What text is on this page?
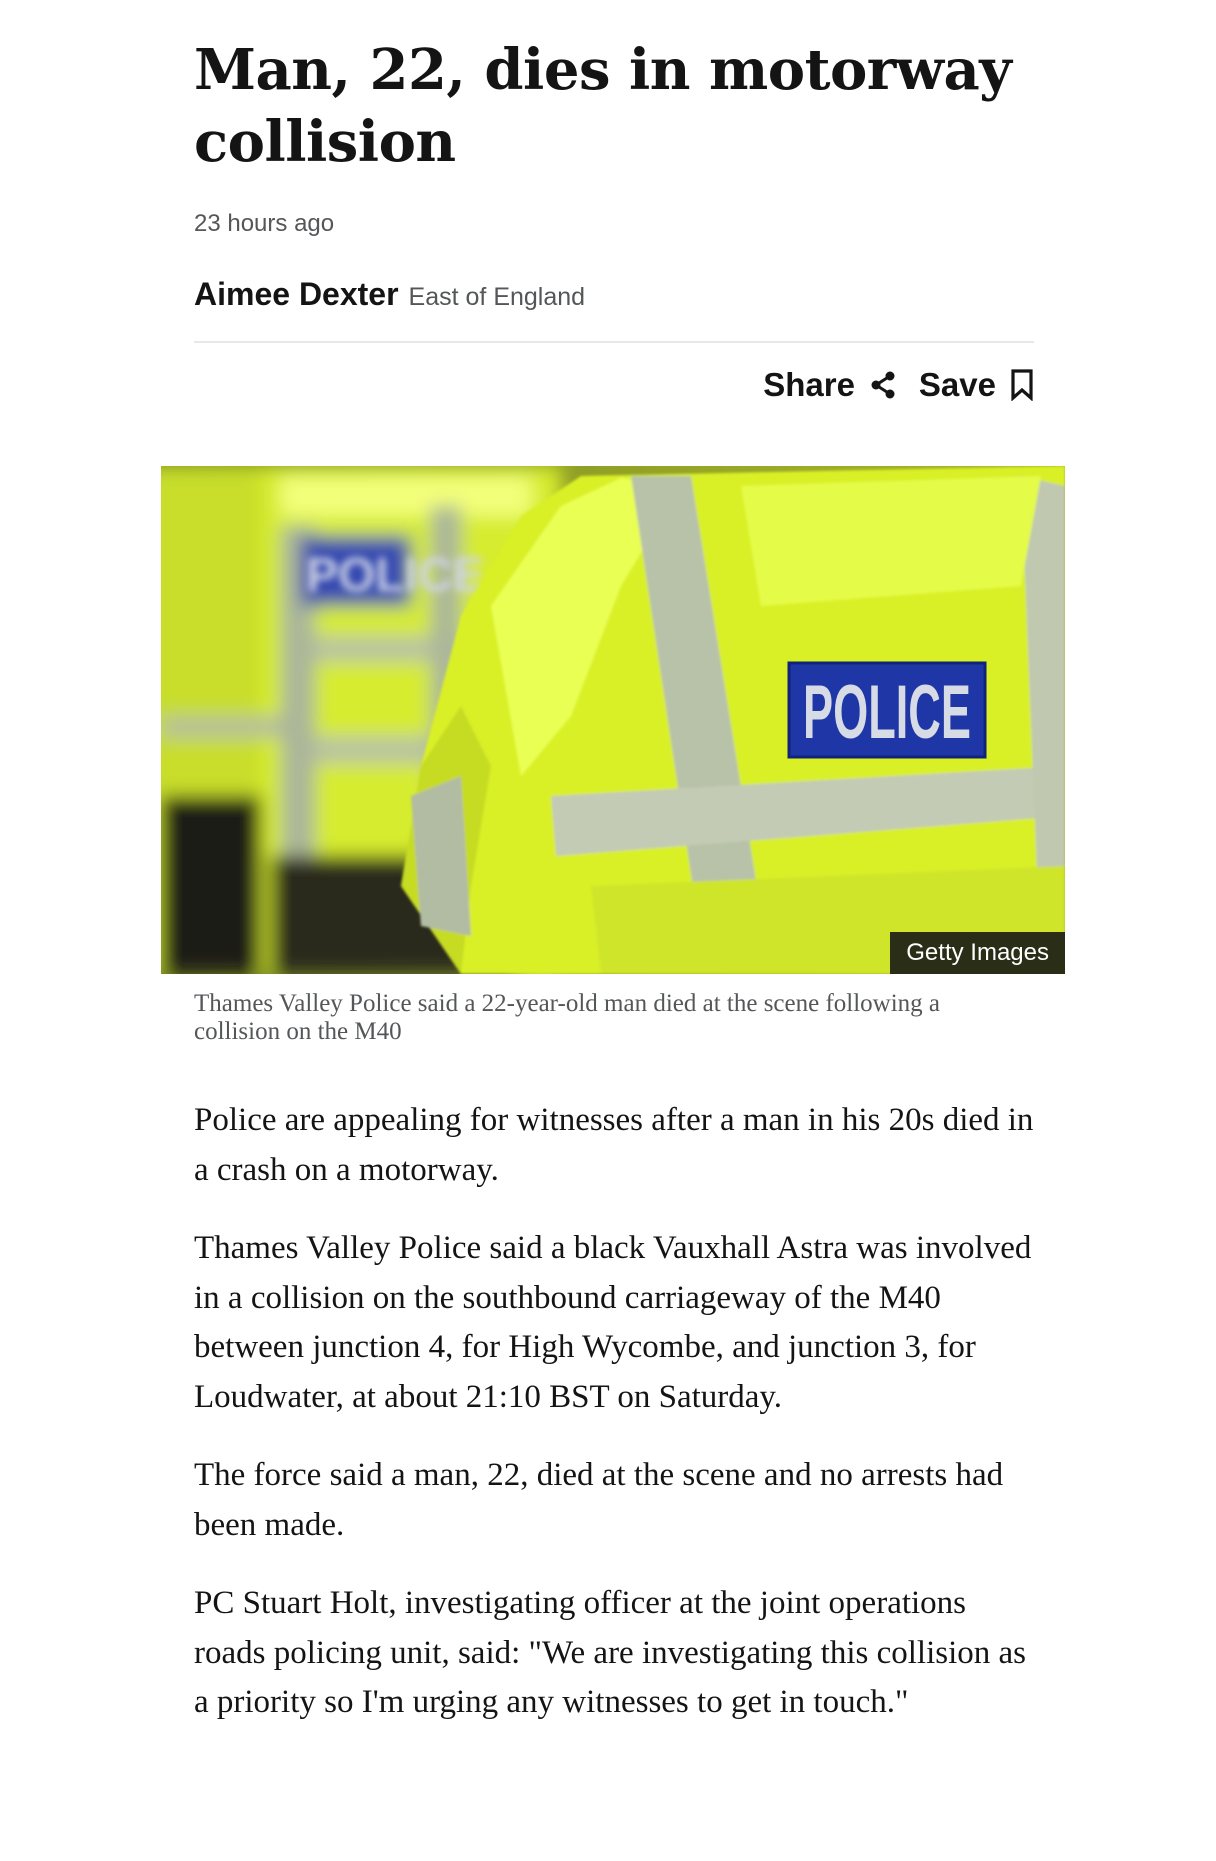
Man, 22, dies in motorway collision
23 hours ago
Aimee Dexter East of England
Share Save
POLICE
POLICE
Getty Images

Thames Valley Police said a 22-year-old man died at the scene following a collision on the M40

Police are appealing for witnesses after a man in his 20s died in a crash on a motorway.

Thames Valley Police said a black Vauxhall Astra was involved in a collision on the southbound carriageway of the M40 between junction 4, for High Wycombe, and junction 3, for Loudwater, at about 21:10 BST on Saturday.

The force said a man, 22, died at the scene and no arrests had been made.

PC Stuart Holt, investigating officer at the joint operations roads policing unit, said: "We are investigating this collision as a priority so I'm urging any witnesses to get in touch."
